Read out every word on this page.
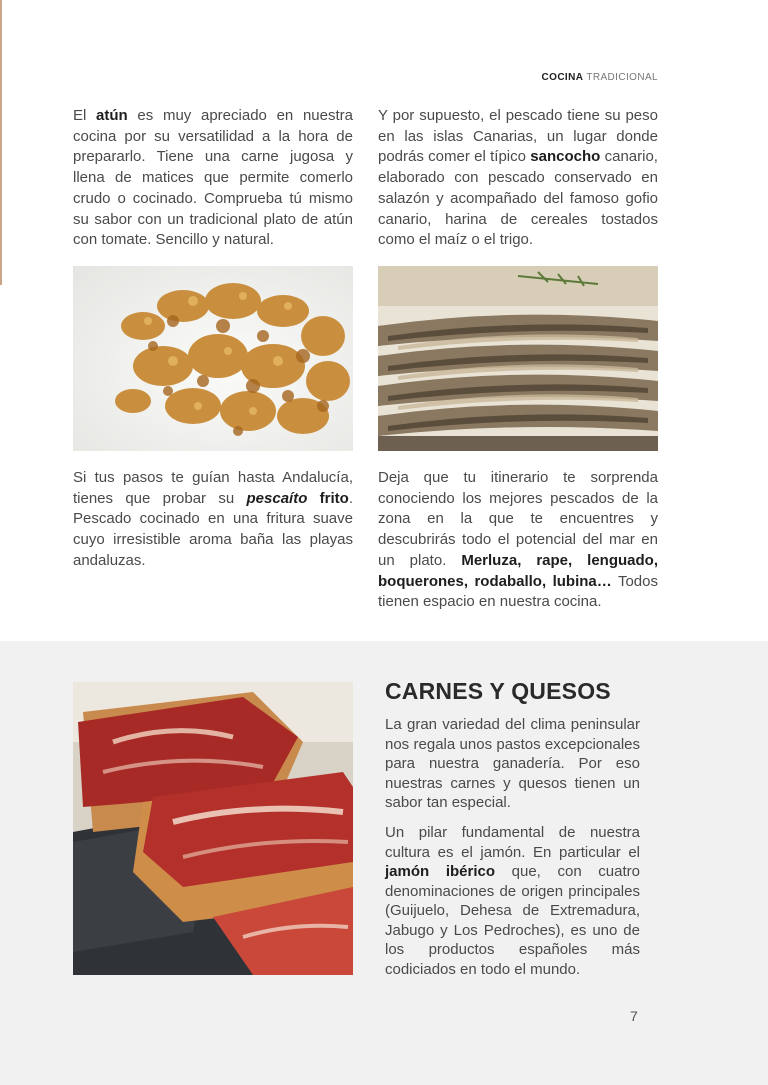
COCINA TRADICIONAL

El atún es muy apreciado en nuestra cocina por su versatilidad a la hora de prepararlo. Tiene una carne jugosa y llena de matices que permite comerlo crudo o cocinado. Comprueba tú mismo su sabor con un tradicional plato de atún con tomate. Sencillo y natural.

Y por supuesto, el pescado tiene su peso en las islas Canarias, un lugar donde podrás comer el típico sancocho canario, elaborado con pescado conservado en salazón y acompañado del famoso gofio canario, harina de cereales tostados como el maíz o el trigo.

Si tus pasos te guían hasta Andalucía, tienes que probar su pescaíto frito. Pescado cocinado en una fritura suave cuyo irresistible aroma baña las playas andaluzas.

Deja que tu itinerario te sorprenda conociendo los mejores pescados de la zona en la que te encuentres y descubrirás todo el potencial del mar en un plato. Merluza, rape, lenguado, boquerones, rodaballo, lubina… Todos tienen espacio en nuestra cocina.

CARNES Y QUESOS

La gran variedad del clima peninsular nos regala unos pastos excepcionales para nuestra ganadería. Por eso nuestras carnes y quesos tienen un sabor tan especial.

Un pilar fundamental de nuestra cultura es el jamón. En particular el jamón ibérico que, con cuatro denominaciones de origen principales (Guijuelo, Dehesa de Extremadura, Jabugo y Los Pedroches), es uno de los productos españoles más codiciados en todo el mundo.

7
